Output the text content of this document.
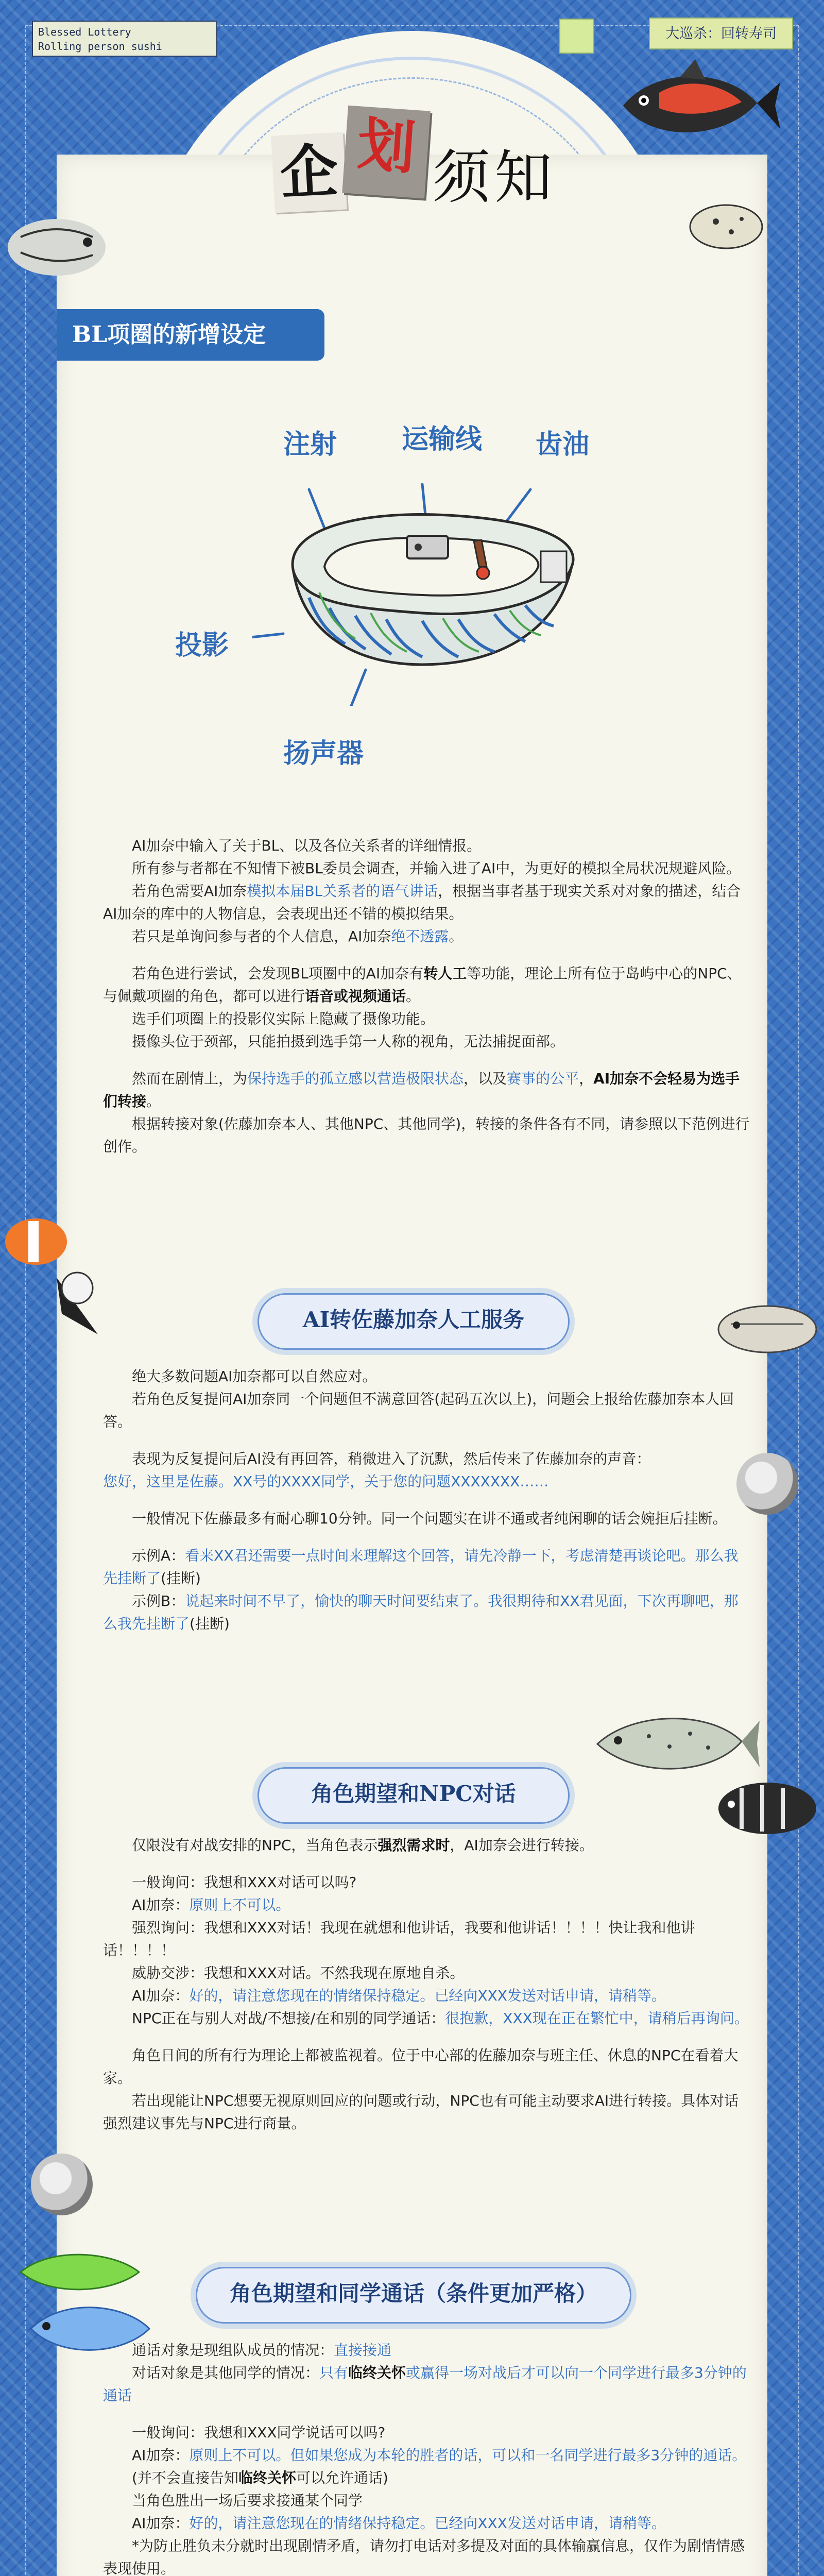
Blessed Lottery
Rolling person sushi
大巡杀：回转寿司
企 划 须 知
BL项圈的新增设定
注射 运输线 齿油
投影
扬声器

AI加奈中输入了关于BL、以及各位关系者的详细情报。

所有参与者都在不知情下被BL委员会调查，并输入进了AI中，为更好的模拟全局状况规避风险。

若角色需要AI加奈模拟本届BL关系者的语气讲话，根据当事者基于现实关系对对象的描述，结合AI加奈的库中的人物信息，会表现出还不错的模拟结果。

若只是单询问参与者的个人信息，AI加奈绝不透露。

若角色进行尝试，会发现BL项圈中的AI加奈有转人工等功能，理论上所有位于岛屿中心的NPC、与佩戴项圈的角色，都可以进行语音或视频通话。

选手们项圈上的投影仪实际上隐藏了摄像功能。

摄像头位于颈部，只能拍摄到选手第一人称的视角，无法捕捉面部。

然而在剧情上，为保持选手的孤立感以营造极限状态，以及赛事的公平，AI加奈不会轻易为选手们转接。

根据转接对象(佐藤加奈本人、其他NPC、其他同学)，转接的条件各有不同，请参照以下范例进行创作。

AI转佐藤加奈人工服务

绝大多数问题AI加奈都可以自然应对。

若角色反复提问AI加奈同一个问题但不满意回答(起码五次以上)，问题会上报给佐藤加奈本人回答。

表现为反复提问后AI没有再回答，稍微进入了沉默，然后传来了佐藤加奈的声音：

您好，这里是佐藤。XX号的XXXX同学，关于您的问题XXXXXXX……

一般情况下佐藤最多有耐心聊10分钟。同一个问题实在讲不通或者纯闲聊的话会婉拒后挂断。

示例A：看来XX君还需要一点时间来理解这个回答，请先冷静一下，考虑清楚再谈论吧。那么我先挂断了(挂断)

示例B：说起来时间不早了，愉快的聊天时间要结束了。我很期待和XX君见面，下次再聊吧，那么我先挂断了(挂断)

角色期望和NPC对话

仅限没有对战安排的NPC，当角色表示强烈需求时，AI加奈会进行转接。

一般询问：我想和XXX对话可以吗?

AI加奈：原则上不可以。

强烈询问：我想和XXX对话！我现在就想和他讲话，我要和他讲话！！！！快让我和他讲话！！！！

威胁交涉：我想和XXX对话。不然我现在原地自杀。

AI加奈：好的，请注意您现在的情绪保持稳定。已经向XXX发送对话申请，请稍等。

NPC正在与别人对战/不想接/在和别的同学通话：很抱歉，XXX现在正在繁忙中，请稍后再询问。

角色日间的所有行为理论上都被监视着。位于中心部的佐藤加奈与班主任、休息的NPC在看着大家。

若出现能让NPC想要无视原则回应的问题或行动，NPC也有可能主动要求AI进行转接。具体对话强烈建议事先与NPC进行商量。

角色期望和同学通话（条件更加严格）

通话对象是现组队成员的情况：直接接通

对话对象是其他同学的情况：只有临终关怀或赢得一场对战后才可以向一个同学进行最多3分钟的通话

一般询问：我想和XXX同学说话可以吗?

AI加奈：原则上不可以。但如果您成为本轮的胜者的话，可以和一名同学进行最多3分钟的通话。

(并不会直接告知临终关怀可以允许通话)

当角色胜出一场后要求接通某个同学

AI加奈：好的，请注意您现在的情绪保持稳定。已经向XXX发送对话申请，请稍等。

*为防止胜负未分就时出现剧情矛盾，请勿打电话对多提及对面的具体输赢信息，仅作为剧情情感表现使用。
